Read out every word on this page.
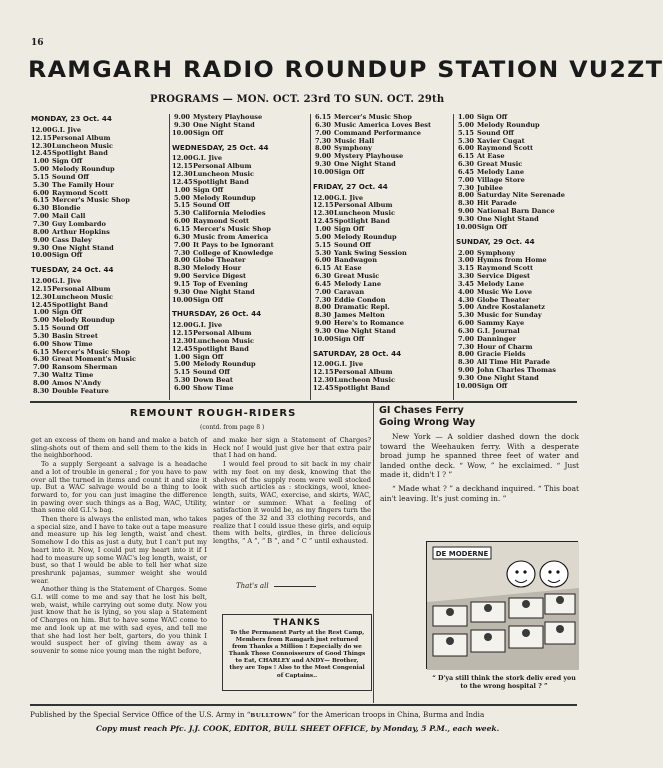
16
RAMGARH RADIO ROUNDUP STATION VU2ZT
PROGRAMS — MON. OCT. 23rd TO SUN. OCT. 29th
MONDAY, 23 Oct. 44
12.00G.I. Jive
12.15Personal Album
12.30Luncheon Music
12.45Spotlight Band
1.00 Sign Off
5.00 Melody Roundup
5.15 Sound Off
5.30 The Family Hour
6.00 Raymond Scott
6.15 Mercer's Music Shop
6.30 Blondie
7.00 Mail Call
7.30 Guy Lombardo
8.00 Arthur Hopkins
9.00 Cass Daley
9.30 One Night Stand
10.00Sign Off
TUESDAY, 24 Oct. 44
12.00G.I. Jive
12.15Personal Album
12.30Luncheon Music
12.45Spotlight Band
1.00 Sign Off
5.00 Melody Roundup
5.15 Sound Off
5.30 Basin Street
6.00 Show Time
6.15 Mercer's Music Shop
6.30 Great Moment's Music
7.00 Ransom Sherman
7.30 Waltz Time
8.00 Amos N'Andy
8.30 Double Feature
9.00 Mystery Playhouse
9.30 One Night Stand
10.00Sign Off
WEDNESDAY, 25 Oct. 44
12.00G.I. Jive
12.15Personal Album
12.30Luncheon Music
12.45Spotlight Band
1.00 Sign Off
5.00 Melody Roundup
5.15 Sound Off
5.30 California Melodies
6.00 Raymond Scott
6.15 Mercer's Music Shop
6.30 Music from America
7.00 It Pays to be Ignorant
7.30 College of Knowledge
8.00 Globe Theater
8.30 Melody Hour
9.00 Service Digest
9.15 Top of Evening
9.30 One Night Stand
10.00Sign Off
THURSDAY, 26 Oct. 44
12.00G.I. Jive
12.15Personal Album
12.30Luncheon Music
12.45Spotlight Band
1.00 Sign Off
5.00 Melody Roundup
5.15 Sound Off
5.30 Down Beat
6.00 Show Time
6.15 Mercer's Music Shop
6.30 Music America Loves Best
7.00 Command Performance
7.30 Music Hall
8.00 Symphony
9.00 Mystery Playhouse
9.30 One Night Stand
10.00Sign Off
FRIDAY, 27 Oct. 44
12.00G.I. Jive
12.15Personal Album
12.30Luncheon Music
12.45Spotlight Band
1.00 Sign Off
5.00 Melody Roundup
5.15 Sound Off
5.30 Yank Swing Session
6.00 Bandwagon
6.15 At Ease
6.30 Great Music
6.45 Melody Lane
7.00 Caravan
7.30 Eddie Condon
8.00 Dramatic Repl.
8.30 James Melton
9.00 Here's to Romance
9.30 One Night Stand
10.00Sign Off
SATURDAY, 28 Oct. 44
12.00G.I. Jive
12.15Personal Album
12.30Luncheon Music
12.45Spotlight Band
1.00 Sign Off
5.00 Melody Roundup
5.15 Sound Off
5.30 Xavier Cugat
6.00 Raymond Scott
6.15 At Ease
6.30 Great Music
6.45 Melody Lane
7.00 Village Store
7.30 Jubilee
8.00 Saturday Nite Serenade
8.30 Hit Parade
9.00 National Barn Dance
9.30 One Night Stand
10.00Sign Off
SUNDAY, 29 Oct. 44
2.00 Symphony
3.00 Hymns from Home
3.15 Raymond Scott
3.30 Service Digest
3.45 Melody Lane
4.00 Music We Love
4.30 Globe Theater
5.00 Andre Kostalanetz
5.30 Music for Sunday
6.00 Sammy Kaye
6.30 G.I. Journal
7.00 Danninger
7.30 Hour of Charm
8.00 Gracie Fields
8.30 All Time Hit Parade
9.00 John Charles Thomas
9.30 One Night Stand
10.00Sign Off
REMOUNT ROUGH-RIDERS
(contd. from page 8 )

get an excess of them on hand and make a batch of sling-shots out of them and sell them to the kids in the neighborhood.

To a supply Sergeant a salvage is a headache and a lot of trouble in general ; for you have to paw over all the turned in items and count it and size it up. But a WAC salvage would be a thing to look forward to, for you can just imagine the difference in pawing over such things as a Bag, WAC, Utility, than some old G.I.'s bag.

Then there is always the enlisted man, who takes a special size, and I have to take out a tape measure and measure up his leg length, waist and chest. Somehow I do this as just a duty, but I can't put my heart into it. Now, I could put my heart into it if I had to measure up some WAC's leg length, waist, or bust, so that I would be able to tell her what size preshrunk pajamas, summer weight she would wear.

Another thing is the Statement of Charges. Some G.I. will come to me and say that he lost his belt, web, waist, while carrying out some duty. Now you just know that he is lying, so you slap a Statement of Charges on him. But to have some WAC come to me and look up at me with sad eyes, and tell me that she had lost her belt, garters, do you think I would suspect her of giving them away as a souvenir to some nice young man the night before,

and make her sign a Statement of Charges? Heck no! I would just give her that extra pair that I had on hand.

I would feel proud to sit back in my chair with my feet on my desk, knowing that the shelves of the supply room were well stocked with such articles as : stockings, wool, knee-length, suits, WAC, exercise, and skirts, WAC, winter or summer. What a feeling of satisfaction it would be, as my fingers turn the pages of the 32 and 33 clothing records, and realize that I could issue these girls, and equip them with belts, girdles, in three delicious lengths, “ A ”, “ B ”, and “ C ” until exhausted.

That's all
THANKS
To the Permanent Party at the Rest Camp, Members from Ramgarh just returned from Thanks a Million ! Especially do we Thank Those Connoisseurs of Good Things to Eat, CHARLEY and ANDY— Brother, they are Tops ! Also to the Most Congenial of Captains..
GI Chases Ferry
Going Wrong Way

New York — A soldier dashed down the dock toward the Weehauken ferry. With a desperate broad jump he spanned three feet of water and landed onthe deck. “ Wow, ” he exclaimed. “ Just made it, didn't I ? ”

“ Made what ? ” a deckhand inquired. “ This boat ain't leaving. It's just coming in. ”

DE MODERNE
“ D'ya still think the stork deliv ered you to the wrong hospital ? ”
Published by the Special Service Office of the U.S. Army in “BULLTOWN” for the American troops in China, Burma and India
Copy must reach Pfc. J.J. COOK, EDITOR, BULL SHEET OFFICE, by Monday, 5 P.M., each week.
